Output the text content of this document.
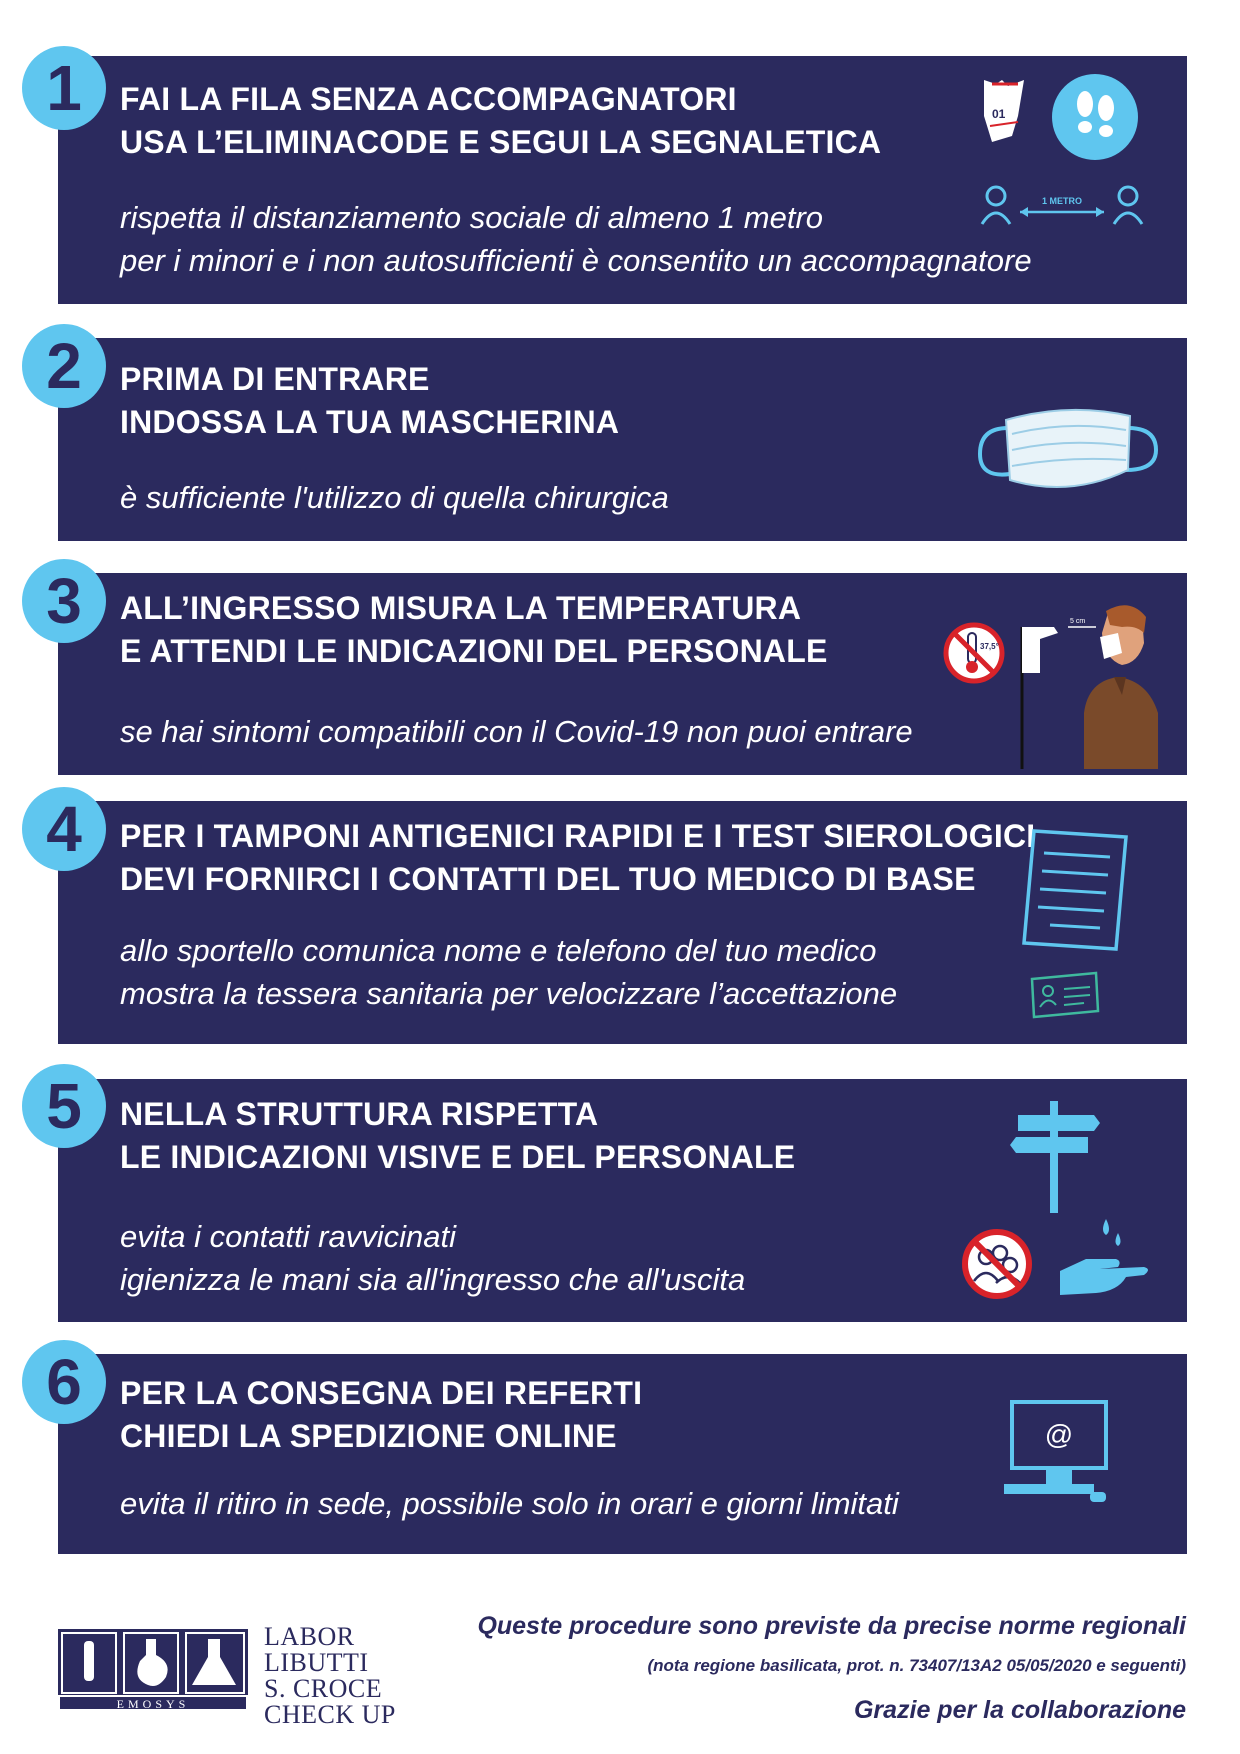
1 FAI LA FILA SENZA ACCOMPAGNATORI
USA L’ELIMINACODE E SEGUI LA SEGNALETICA
rispetta il distanziamento sociale di almeno 1 metro
per i minori e i non autosufficienti è consentito un accompagnatore
01
1 METRO
2 PRIMA DI ENTRARE
INDOSSA LA TUA MASCHERINA
è sufficiente l'utilizzo di quella chirurgica
3 ALL’INGRESSO MISURA LA TEMPERATURA
E ATTENDI LE INDICAZIONI DEL PERSONALE
se hai sintomi compatibili con il Covid-19 non puoi entrare
37,5°
5 cm
4 PER I TAMPONI ANTIGENICI RAPIDI E I TEST SIEROLOGICI
DEVI FORNIRCI I CONTATTI DEL TUO MEDICO DI BASE
allo sportello comunica nome e telefono del tuo medico
mostra la tessera sanitaria per velocizzare l’accettazione
5 NELLA STRUTTURA RISPETTA
LE INDICAZIONI VISIVE E DEL PERSONALE
evita i contatti ravvicinati
igienizza le mani sia all'ingresso che all'uscita
6 PER LA CONSEGNA DEI REFERTI
CHIEDI LA SPEDIZIONE ONLINE
evita il ritiro in sede, possibile solo in orari e giorni limitati
@
EMOSYS
LABOR
LIBUTTI
S. CROCE
CHECK UP
Queste procedure sono previste da precise norme regionali
(nota regione basilicata, prot. n. 73407/13A2 05/05/2020 e seguenti)
Grazie per la collaborazione
